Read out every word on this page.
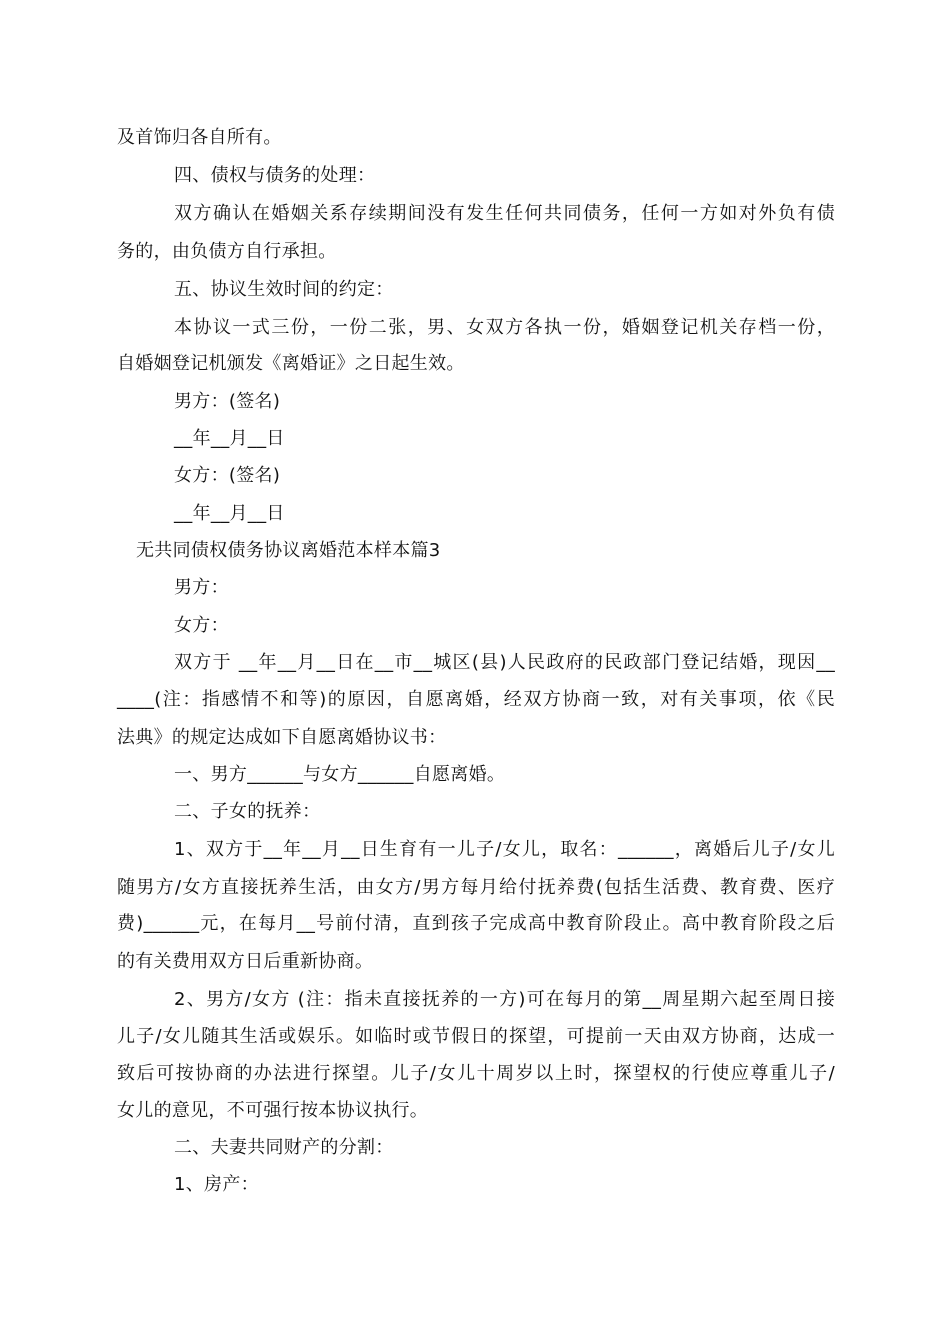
及首饰归各自所有。
四、债权与债务的处理：
双方确认在婚姻关系存续期间没有发生任何共同债务，任何一方如对外负有债
务的，由负债方自行承担。
五、协议生效时间的约定：
本协议一式三份，一份二张，男、女双方各执一份，婚姻登记机关存档一份，
自婚姻登记机颁发《离婚证》之日起生效。
男方：(签名)
__年__月__日
女方：(签名)
__年__月__日
无共同债权债务协议离婚范本样本篇3
男方：
女方：
双方于 __年__月__日在__市__城区(县)人民政府的民政部门登记结婚，现因__
____(注：指感情不和等)的原因，自愿离婚，经双方协商一致，对有关事项，依《民
法典》的规定达成如下自愿离婚协议书：
一、男方______与女方______自愿离婚。
二、子女的抚养：
1、双方于__年__月__日生育有一儿子/女儿，取名：______，离婚后儿子/女儿
随男方/女方直接抚养生活，由女方/男方每月给付抚养费(包括生活费、教育费、医疗
费)______元，在每月__号前付清，直到孩子完成高中教育阶段止。高中教育阶段之后
的有关费用双方日后重新协商。
2、男方/女方 (注：指未直接抚养的一方)可在每月的第__周星期六起至周日接
儿子/女儿随其生活或娱乐。如临时或节假日的探望，可提前一天由双方协商，达成一
致后可按协商的办法进行探望。儿子/女儿十周岁以上时，探望权的行使应尊重儿子/
女儿的意见，不可强行按本协议执行。
二、夫妻共同财产的分割：
1、房产：
